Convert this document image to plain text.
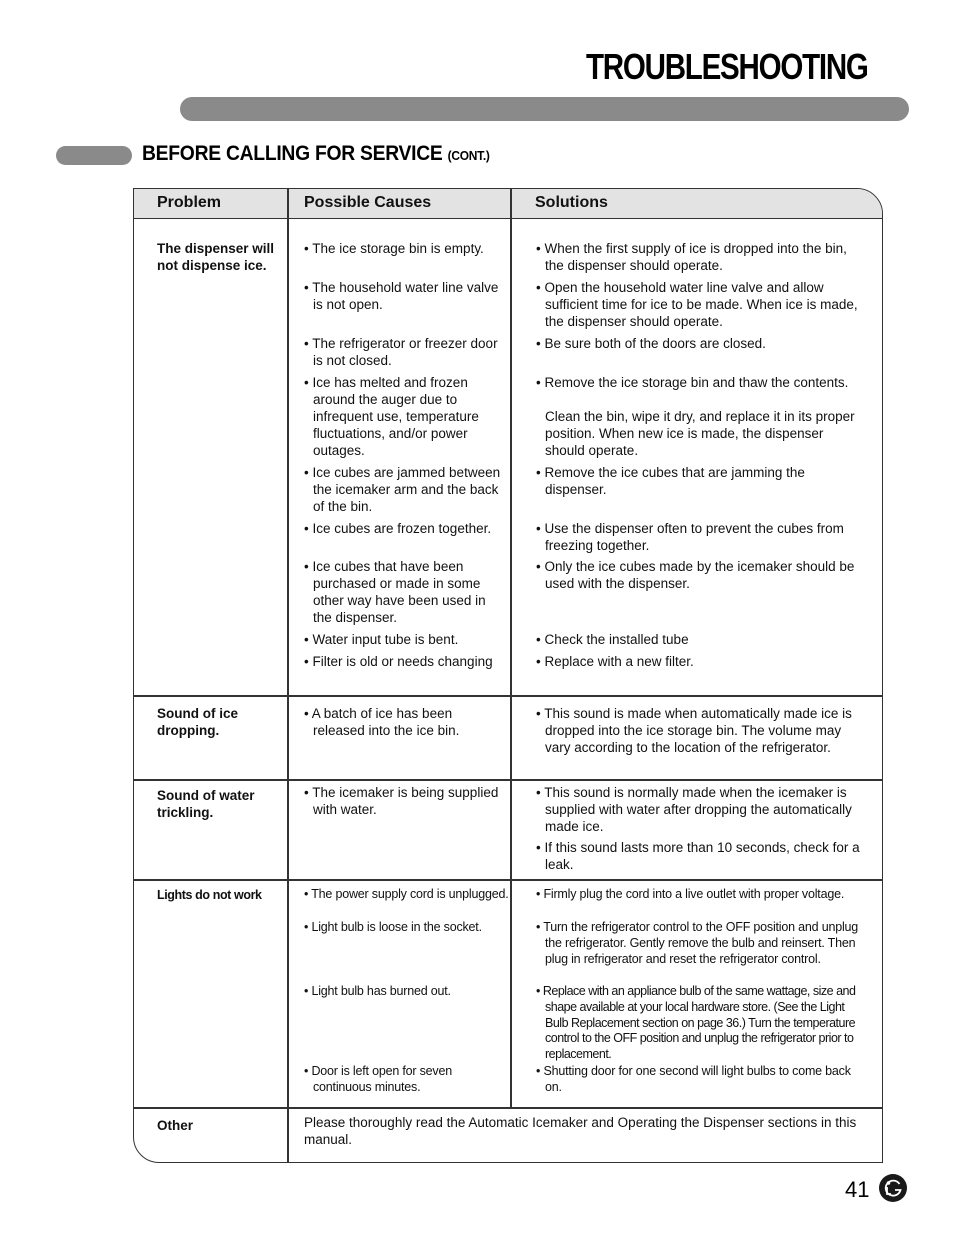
TROUBLESHOOTING
BEFORE CALLING FOR SERVICE (CONT.)
Problem	Possible Causes	Solutions
The dispenser will not dispense ice.
• The ice storage bin is empty.
• The household water line valve is not open.
• The refrigerator or freezer door is not closed.
• Ice has melted and frozen around the auger due to infrequent use, temperature fluctuations, and/or power outages.
• Ice cubes are jammed between the icemaker arm and the back of the bin.
• Ice cubes are frozen together.
• Ice cubes that have been purchased or made in some other way have been used in the dispenser.
• Water input tube is bent.
• Filter is old or needs changing
• When the first supply of ice is dropped into the bin, the dispenser should operate.
• Open the household water line valve and allow sufficient time for ice to be made. When ice is made, the dispenser should operate.
• Be sure both of the doors are closed.
• Remove the ice storage bin and thaw the contents.
Clean the bin, wipe it dry, and replace it in its proper position. When new ice is made, the dispenser should operate.
• Remove the ice cubes that are jamming the dispenser.
• Use the dispenser often to prevent the cubes from freezing together.
• Only the ice cubes made by the icemaker should be used with the dispenser.
• Check the installed tube
• Replace with a new filter.
Sound of ice dropping.
• A batch of ice has been released into the ice bin.
• This sound is made when automatically made ice is dropped into the ice storage bin. The volume may vary according to the location of the refrigerator.
Sound of water trickling.
• The icemaker is being supplied with water.
• This sound is normally made when the icemaker is supplied with water after dropping the automatically made ice.
• If this sound lasts more than 10 seconds, check for a leak.
Lights do not work
•	The power supply cord is unplugged.
• Light bulb is loose in the socket.
• Light bulb has burned out.
• Door is left open for seven continuous minutes.
• Firmly plug the cord into a live outlet with proper voltage.
• Turn the refrigerator control to the OFF position and unplug the refrigerator. Gently remove the bulb and reinsert. Then plug in refrigerator and reset the refrigerator control.
• Replace with an appliance bulb of the same wattage, size and shape available at your local hardware store. (See the Light Bulb Replacement section on page 36.) Turn the temperature control to the OFF position and unplug the refrigerator prior to replacement.
• Shutting door for one second will light bulbs to come back on.
Other	Please thoroughly read the Automatic Icemaker and Operating the Dispenser sections in this manual.
41
